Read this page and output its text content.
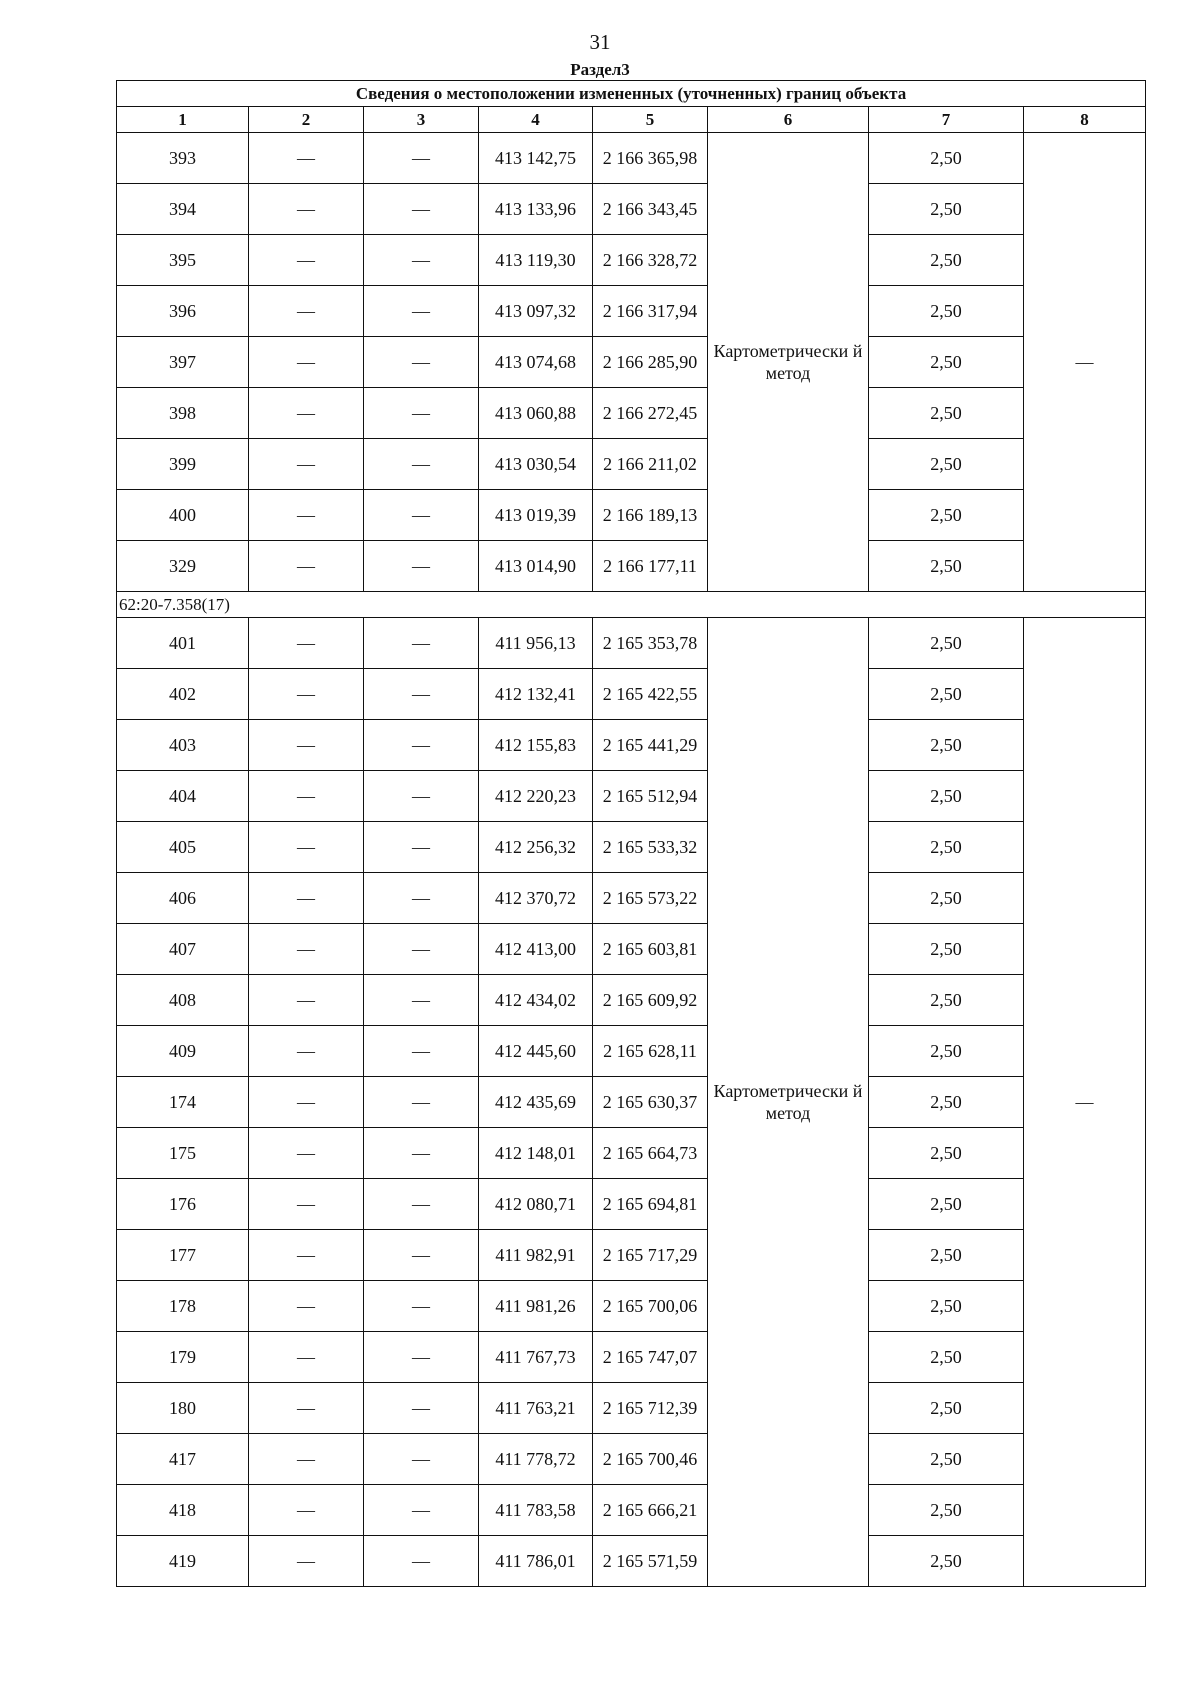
31
Раздел3
Сведения о местоположении измененных (уточненных) границ объекта							
1	2	3	4	5	6	7	8
393	—	—	413 142,75	2 166 365,98	Картометрически й метод	2,50	—
394	—	—	413 133,96	2 166 343,45		2,50	
395	—	—	413 119,30	2 166 328,72		2,50	
396	—	—	413 097,32	2 166 317,94		2,50	
397	—	—	413 074,68	2 166 285,90		2,50	
398	—	—	413 060,88	2 166 272,45		2,50	
399	—	—	413 030,54	2 166 211,02		2,50	
400	—	—	413 019,39	2 166 189,13		2,50	
329	—	—	413 014,90	2 166 177,11		2,50	
62:20-7.358(17)							
401	—	—	411 956,13	2 165 353,78	Картометрически й метод	2,50	—
402	—	—	412 132,41	2 165 422,55		2,50	
403	—	—	412 155,83	2 165 441,29		2,50	
404	—	—	412 220,23	2 165 512,94		2,50	
405	—	—	412 256,32	2 165 533,32		2,50	
406	—	—	412 370,72	2 165 573,22		2,50	
407	—	—	412 413,00	2 165 603,81		2,50	
408	—	—	412 434,02	2 165 609,92		2,50	
409	—	—	412 445,60	2 165 628,11		2,50	
174	—	—	412 435,69	2 165 630,37		2,50	
175	—	—	412 148,01	2 165 664,73		2,50	
176	—	—	412 080,71	2 165 694,81		2,50	
177	—	—	411 982,91	2 165 717,29		2,50	
178	—	—	411 981,26	2 165 700,06		2,50	
179	—	—	411 767,73	2 165 747,07		2,50	
180	—	—	411 763,21	2 165 712,39		2,50	
417	—	—	411 778,72	2 165 700,46		2,50	
418	—	—	411 783,58	2 165 666,21		2,50	
419	—	—	411 786,01	2 165 571,59		2,50	
